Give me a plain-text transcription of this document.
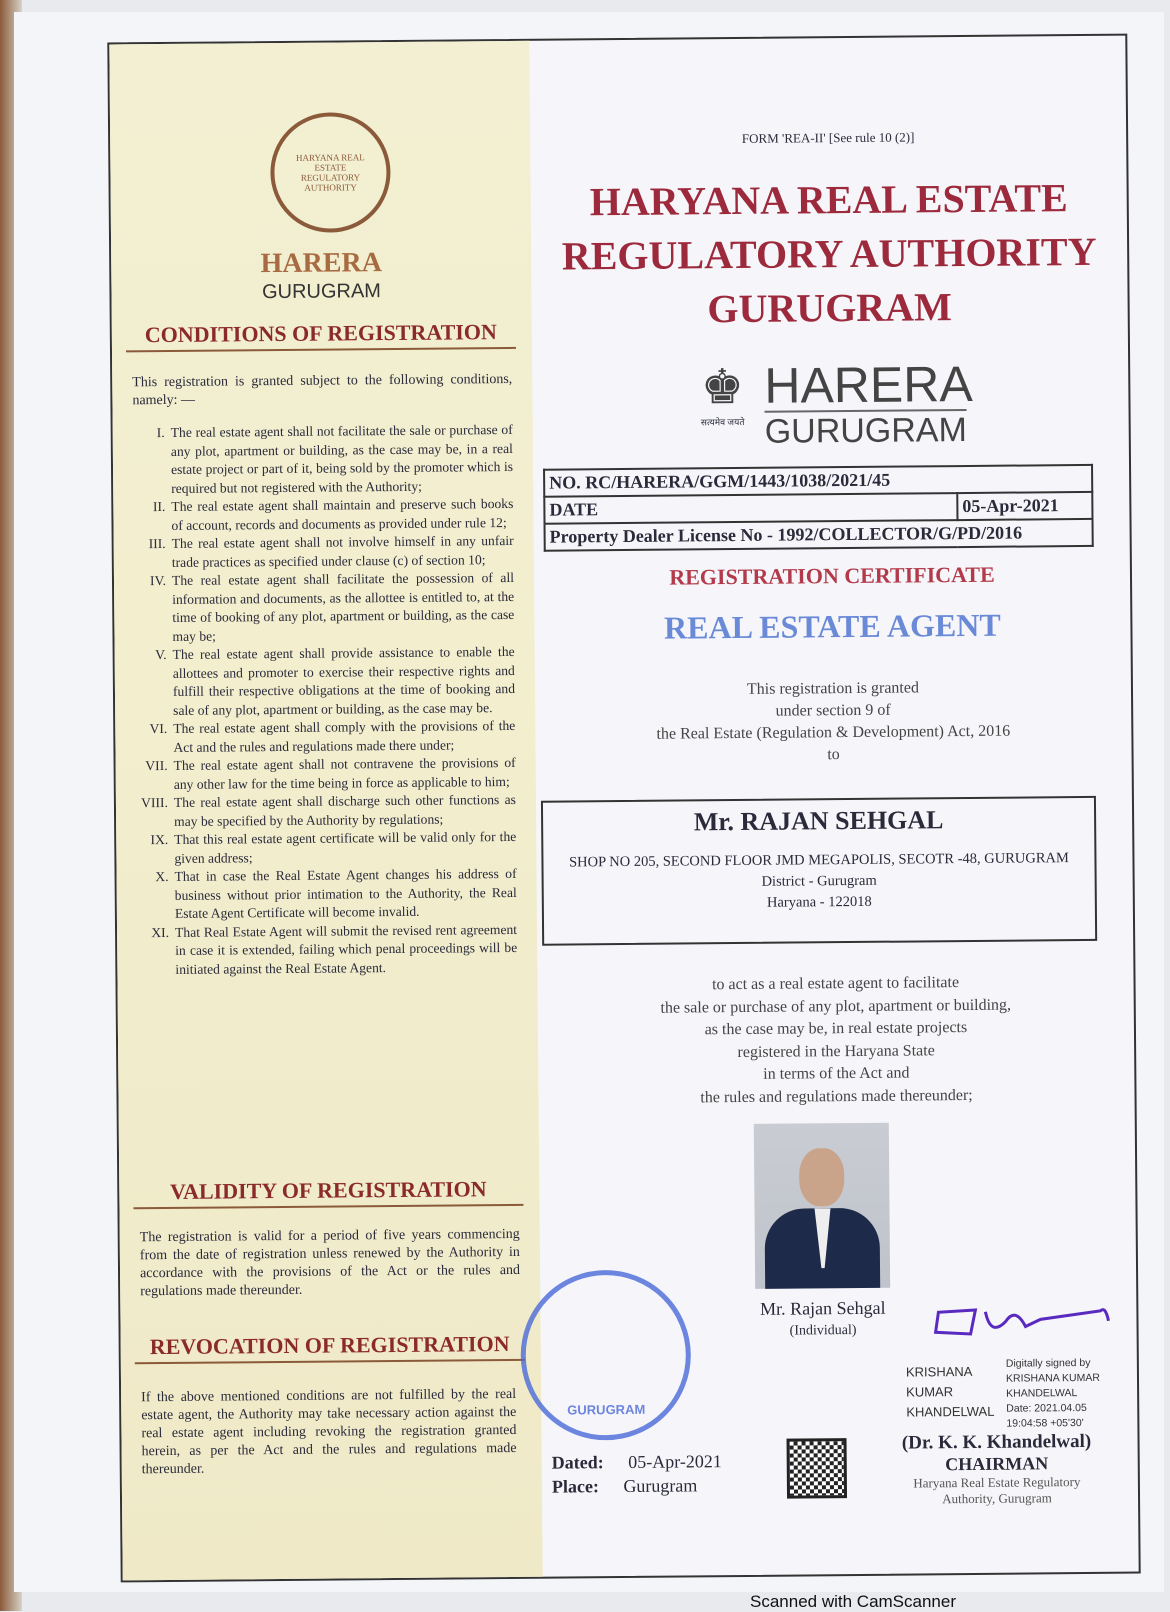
HARYANA REAL ESTATE REGULATORY AUTHORITY
HARERA
GURUGRAM
CONDITIONS OF REGISTRATION
This registration is granted subject to the following conditions, namely: —
I. The real estate agent shall not facilitate the sale or purchase of any plot, apartment or building, as the case may be, in a real estate project or part of it, being sold by the promoter which is required but not registered with the Authority;
II. The real estate agent shall maintain and preserve such books of account, records and documents as provided under rule 12;
III. The real estate agent shall not involve himself in any unfair trade practices as specified under clause (c) of section 10;
IV. The real estate agent shall facilitate the possession of all information and documents, as the allottee is entitled to, at the time of booking of any plot, apartment or building, as the case may be;
V. The real estate agent shall provide assistance to enable the allottees and promoter to exercise their respective rights and fulfill their respective obligations at the time of booking and sale of any plot, apartment or building, as the case may be.
VI. The real estate agent shall comply with the provisions of the Act and the rules and regulations made there under;
VII. The real estate agent shall not contravene the provisions of any other law for the time being in force as applicable to him;
VIII. The real estate agent shall discharge such other functions as may be specified by the Authority by regulations;
IX. That this real estate agent certificate will be valid only for the given address;
X. That in case the Real Estate Agent changes his address of business without prior intimation to the Authority, the Real Estate Agent Certificate will become invalid.
XI. That Real Estate Agent will submit the revised rent agreement in case it is extended, failing which penal proceedings will be initiated against the Real Estate Agent.
VALIDITY OF REGISTRATION
The registration is valid for a period of five years commencing from the date of registration unless renewed by the Authority in accordance with the provisions of the Act or the rules and regulations made thereunder.
REVOCATION OF REGISTRATION
If the above mentioned conditions are not fulfilled by the real estate agent, the Authority may take necessary action against the real estate agent including revoking the registration granted herein, as per the Act and the rules and regulations made thereunder.
FORM 'REA-II' [See rule 10 (2)]
HARYANA REAL ESTATE
REGULATORY AUTHORITY
GURUGRAM
♚
सत्यमेव जयते
HARERA
GURUGRAM
NO. RC/HARERA/GGM/1443/1038/2021/45
DATE	05-Apr-2021
Property Dealer License No - 1992/COLLECTOR/G/PD/2016
REGISTRATION CERTIFICATE
REAL ESTATE AGENT
This registration is granted
under section 9 of
the Real Estate (Regulation & Development) Act, 2016
to
Mr. RAJAN SEHGAL
SHOP NO 205, SECOND FLOOR JMD MEGAPOLIS, SECOTR -48, GURUGRAM
District - Gurugram
Haryana - 122018
to act as a real estate agent to facilitate
the sale or purchase of any plot, apartment or building,
as the case may be, in real estate projects
registered in the Haryana State
in terms of the Act and
the rules and regulations made thereunder;
Mr. Rajan Sehgal
(Individual)
GURUGRAM
Dated: 05-Apr-2021
Place: Gurugram
KRISHANA
KUMAR
KHANDELWAL
Digitally signed by
KRISHANA KUMAR
KHANDELWAL
Date: 2021.04.05
19:04:58 +05'30'
(Dr. K. K. Khandelwal)
CHAIRMAN
Haryana Real Estate Regulatory
Authority, Gurugram
Scanned with CamScanner
